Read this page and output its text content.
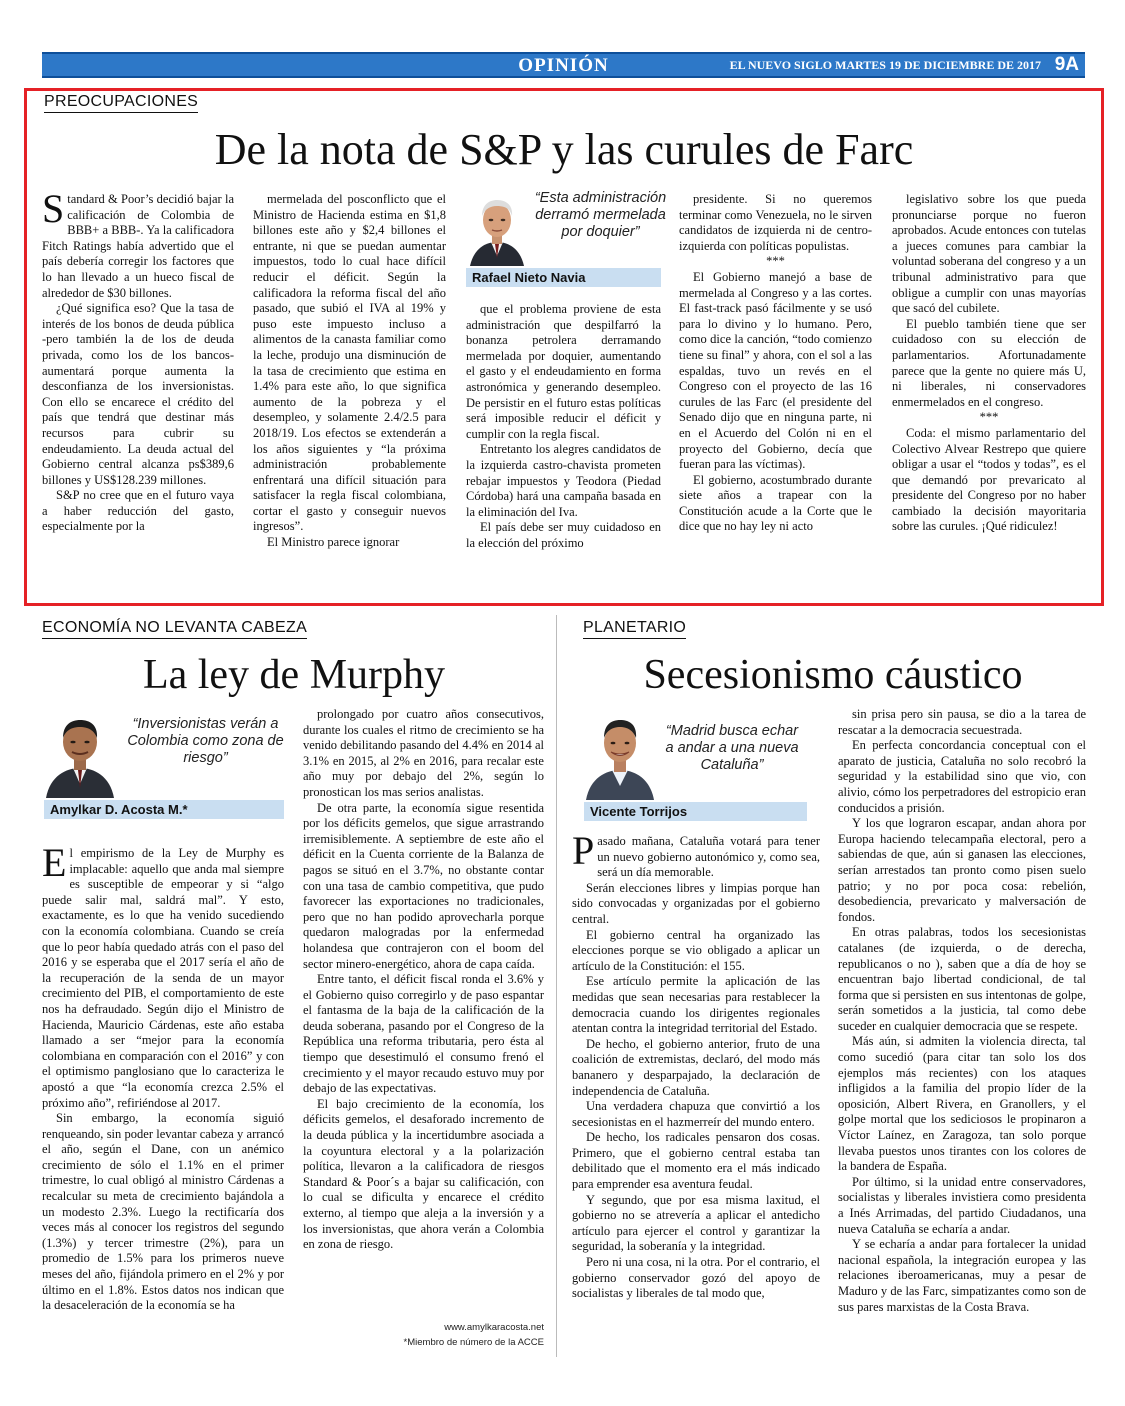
OPINIÓN	EL NUEVO SIGLO MARTES 19 DE DICIEMBRE DE 2017 9A
PREOCUPACIONES
De la nota de S&P y las curules de Farc

Standard & Poor’s decidió bajar la calificación de Colombia de BBB+ a BBB-. Ya la calificadora Fitch Ratings había advertido que el país debería corregir los factores que lo han llevado a un hueco fiscal de alrededor de $30 billones.

¿Qué significa eso? Que la tasa de interés de los bonos de deuda pública -pero también la de los de deuda privada, como los de los bancos- aumentará porque aumenta la desconfianza de los inversionistas. Con ello se encarece el crédito del país que tendrá que destinar más recursos para cubrir su endeudamiento. La deuda actual del Gobierno central alcanza ps$389,6 billones y US$128.239 millones.

S&P no cree que en el futuro vaya a haber reducción del gasto, especialmente por la

mermelada del posconflicto que el Ministro de Hacienda estima en $1,8 billones este año y $2,4 billones el entrante, ni que se puedan aumentar impuestos, todo lo cual hace difícil reducir el déficit. Según la calificadora la reforma fiscal del año pasado, que subió el IVA al 19% y puso este impuesto incluso a alimentos de la canasta familiar como la leche, produjo una disminución de la tasa de crecimiento que estima en 1.4% para este año, lo que significa aumento de la pobreza y el desempleo, y solamente 2.4/2.5 para 2018/19. Los efectos se extenderán a los años siguientes y “la próxima administración probablemente enfrentará una difícil situación para satisfacer la regla fiscal colombiana, cortar el gasto y conseguir nuevos ingresos”.

El Ministro parece ignorar

“Esta administración derramó mermelada por doquier”
Rafael Nieto Navia

que el problema proviene de esta administración que despilfarró la bonanza petrolera derramando mermelada por doquier, aumentando el gasto y el endeudamiento en forma astronómica y generando desempleo. De persistir en el futuro estas políticas será imposible reducir el déficit y cumplir con la regla fiscal.

Entretanto los alegres candidatos de la izquierda castro-chavista prometen rebajar impuestos y Teodora (Piedad Córdoba) hará una campaña basada en la eliminación del Iva.

El país debe ser muy cuidadoso en la elección del próximo

presidente. Si no queremos terminar como Venezuela, no le sirven candidatos de izquierda ni de centro-izquierda con políticas populistas.

***

El Gobierno manejó a base de mermelada al Congreso y a las cortes. El fast-track pasó fácilmente y se usó para lo divino y lo humano. Pero, como dice la canción, “todo comienzo tiene su final” y ahora, con el sol a las espaldas, tuvo un revés en el Congreso con el proyecto de las 16 curules de las Farc (el presidente del Senado dijo que en ninguna parte, ni en el Acuerdo del Colón ni en el proyecto del Gobierno, decía que fueran para las víctimas).

El gobierno, acostumbrado durante siete años a trapear con la Constitución acude a la Corte que le dice que no hay ley ni acto

legislativo sobre los que pueda pronunciarse porque no fueron aprobados. Acude entonces con tutelas a jueces comunes para cambiar la voluntad soberana del congreso y a un tribunal administrativo para que obligue a cumplir con unas mayorías que sacó del cubilete.

El pueblo también tiene que ser cuidadoso con su elección de parlamentarios. Afortunadamente parece que la gente no quiere más U, ni liberales, ni conservadores enmermelados en el congreso.

***

Coda: el mismo parlamentario del Colectivo Alvear Restrepo que quiere obligar a usar el “todos y todas”, es el que demandó por prevaricato al presidente del Congreso por no haber cambiado la decisión mayoritaria sobre las curules. ¡Qué ridiculez!

ECONOMÍA NO LEVANTA CABEZA
La ley de Murphy
“Inversionistas verán a Colombia como zona de riesgo”
Amylkar D. Acosta M.*

El empirismo de la Ley de Murphy es implacable: aquello que anda mal siempre es susceptible de empeorar y si “algo puede salir mal, saldrá mal”. Y esto, exactamente, es lo que ha venido sucediendo con la economía colombiana. Cuando se creía que lo peor había quedado atrás con el paso del 2016 y se esperaba que el 2017 sería el año de la recuperación de la senda de un mayor crecimiento del PIB, el comportamiento de este nos ha defraudado. Según dijo el Ministro de Hacienda, Mauricio Cárdenas, este año estaba llamado a ser “mejor para la economía colombiana en comparación con el 2016” y con el optimismo panglosiano que lo caracteriza le apostó a que “la economía crezca 2.5% el próximo año”, refiriéndose al 2017.

Sin embargo, la economía siguió renqueando, sin poder levantar cabeza y arrancó el año, según el Dane, con un anémico crecimiento de sólo el 1.1% en el primer trimestre, lo cual obligó al ministro Cárdenas a recalcular su meta de crecimiento bajándola a un modesto 2.3%. Luego la rectificaría dos veces más al conocer los registros del segundo (1.3%) y tercer trimestre (2%), para un promedio de 1.5% para los primeros nueve meses del año, fijándola primero en el 2% y por último en el 1.8%. Estos datos nos indican que la desaceleración de la economía se ha

prolongado por cuatro años consecutivos, durante los cuales el ritmo de crecimiento se ha venido debilitando pasando del 4.4% en 2014 al 3.1% en 2015, al 2% en 2016, para recalar este año muy por debajo del 2%, según lo pronostican los mas serios analistas.

De otra parte, la economía sigue resentida por los déficits gemelos, que sigue arrastrando irremisiblemente. A septiembre de este año el déficit en la Cuenta corriente de la Balanza de pagos se situó en el 3.7%, no obstante contar con una tasa de cambio competitiva, que pudo favorecer las exportaciones no tradicionales, pero que no han podido aprovecharla porque quedaron malogradas por la enfermedad holandesa que contrajeron con el boom del sector minero-energético, ahora de capa caída.

Entre tanto, el déficit fiscal ronda el 3.6% y el Gobierno quiso corregirlo y de paso espantar el fantasma de la baja de la calificación de la deuda soberana, pasando por el Congreso de la República una reforma tributaria, pero ésta al tiempo que desestimuló el consumo frenó el crecimiento y el mayor recaudo estuvo muy por debajo de las expectativas.

El bajo crecimiento de la economía, los déficits gemelos, el desaforado incremento de la deuda pública y la incertidumbre asociada a la coyuntura electoral y a la polarización política, llevaron a la calificadora de riesgos Standard & Poor´s a bajar su calificación, con lo cual se dificulta y encarece el crédito externo, al tiempo que aleja a la inversión y a los inversionistas, que ahora verán a Colombia en zona de riesgo.

www.amylkaracosta.net
*Miembro de número de la ACCE
PLANETARIO
Secesionismo cáustico
“Madrid busca echar a andar a una nueva Cataluña”
Vicente Torrijos

Pasado mañana, Cataluña votará para tener un nuevo gobierno autonómico y, como sea, será un día memorable.

Serán elecciones libres y limpias porque han sido convocadas y organizadas por el gobierno central.

El gobierno central ha organizado las elecciones porque se vio obligado a aplicar un artículo de la Constitución: el 155.

Ese artículo permite la aplicación de las medidas que sean necesarias para restablecer la democracia cuando los dirigentes regionales atentan contra la integridad territorial del Estado.

De hecho, el gobierno anterior, fruto de una coalición de extremistas, declaró, del modo más bananero y desparpajado, la declaración de independencia de Cataluña.

Una verdadera chapuza que convirtió a los secesionistas en el hazmerreír del mundo entero.

De hecho, los radicales pensaron dos cosas. Primero, que el gobierno central estaba tan debilitado que el momento era el más indicado para emprender esa aventura feudal.

Y segundo, que por esa misma laxitud, el gobierno no se atrevería a aplicar el antedicho artículo para ejercer el control y garantizar la seguridad, la soberanía y la integridad.

Pero ni una cosa, ni la otra. Por el contrario, el gobierno conservador gozó del apoyo de socialistas y liberales de tal modo que,

sin prisa pero sin pausa, se dio a la tarea de rescatar a la democracia secuestrada.

En perfecta concordancia conceptual con el aparato de justicia, Cataluña no solo recobró la seguridad y la estabilidad sino que vio, con alivio, cómo los perpetradores del estropicio eran conducidos a prisión.

Y los que lograron escapar, andan ahora por Europa haciendo telecampaña electoral, pero a sabiendas de que, aún si ganasen las elecciones, serían arrestados tan pronto como pisen suelo patrio; y no por poca cosa: rebelión, desobediencia, prevaricato y malversación de fondos.

En otras palabras, todos los secesionistas catalanes (de izquierda, o de derecha, republicanos o no ), saben que a día de hoy se encuentran bajo libertad condicional, de tal forma que si persisten en sus intentonas de golpe, serán sometidos a la justicia, tal como debe suceder en cualquier democracia que se respete.

Más aún, si admiten la violencia directa, tal como sucedió (para citar tan solo los dos ejemplos más recientes) con los ataques infligidos a la familia del propio líder de la oposición, Albert Rivera, en Granollers, y el golpe mortal que los sediciosos le propinaron a Víctor Laínez, en Zaragoza, tan solo porque llevaba puestos unos tirantes con los colores de la bandera de España.

Por último, si la unidad entre conservadores, socialistas y liberales invistiera como presidenta a Inés Arrimadas, del partido Ciudadanos, una nueva Cataluña se echaría a andar.

Y se echaría a andar para fortalecer la unidad nacional española, la integración europea y las relaciones iberoamericanas, muy a pesar de Maduro y de las Farc, simpatizantes como son de sus pares marxistas de la Costa Brava.
